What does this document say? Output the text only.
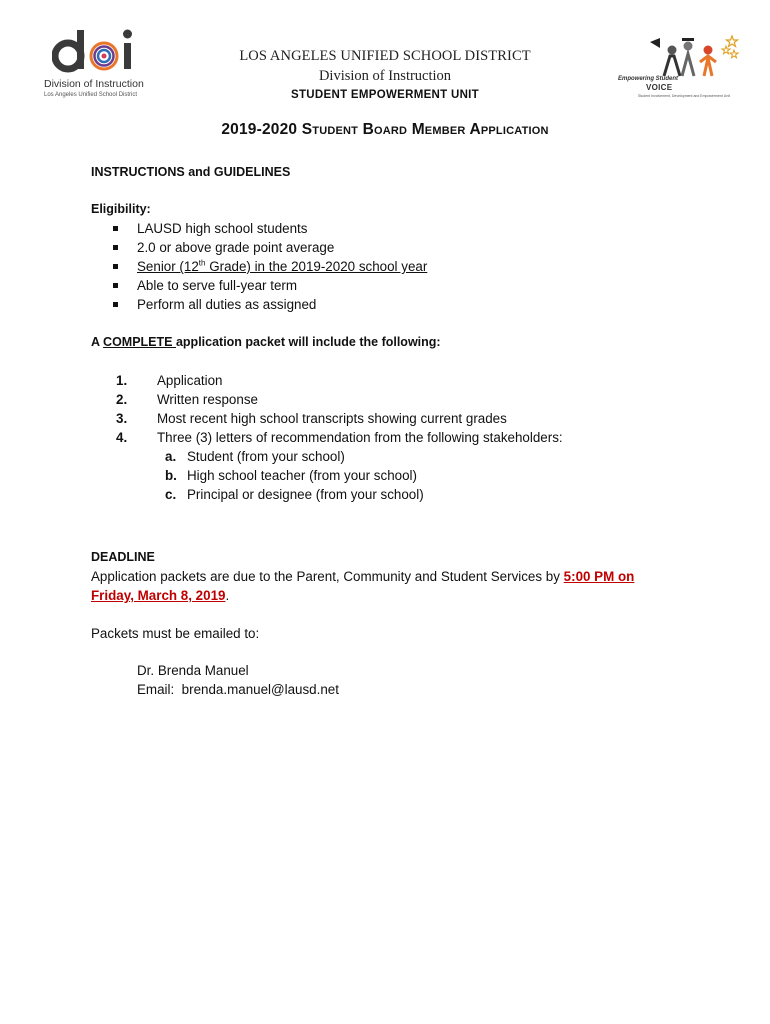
Division of Instruction
Los Angeles Unified School District
LOS ANGELES UNIFIED SCHOOL DISTRICT
Division of Instruction
STUDENT EMPOWERMENT UNIT
Empowering Student
VOICE
Student Involvement, Development and Empowerment Unit
2019-2020 Student Board Member Application
INSTRUCTIONS and GUIDELINES
Eligibility:
LAUSD high school students
2.0 or above grade point average
Senior (12th Grade) in the 2019-2020 school year
Able to serve full-year term
Perform all duties as assigned
A COMPLETE application packet will include the following:
1. Application
2. Written response
3. Most recent high school transcripts showing current grades
4. Three (3) letters of recommendation from the following stakeholders:
a. Student (from your school)
b. High school teacher (from your school)
c. Principal or designee (from your school)
DEADLINE
Application packets are due to the Parent, Community and Student Services by 5:00 PM on
Friday, March 8, 2019.
Packets must be emailed to:
Dr. Brenda Manuel
Email: brenda.manuel@lausd.net
